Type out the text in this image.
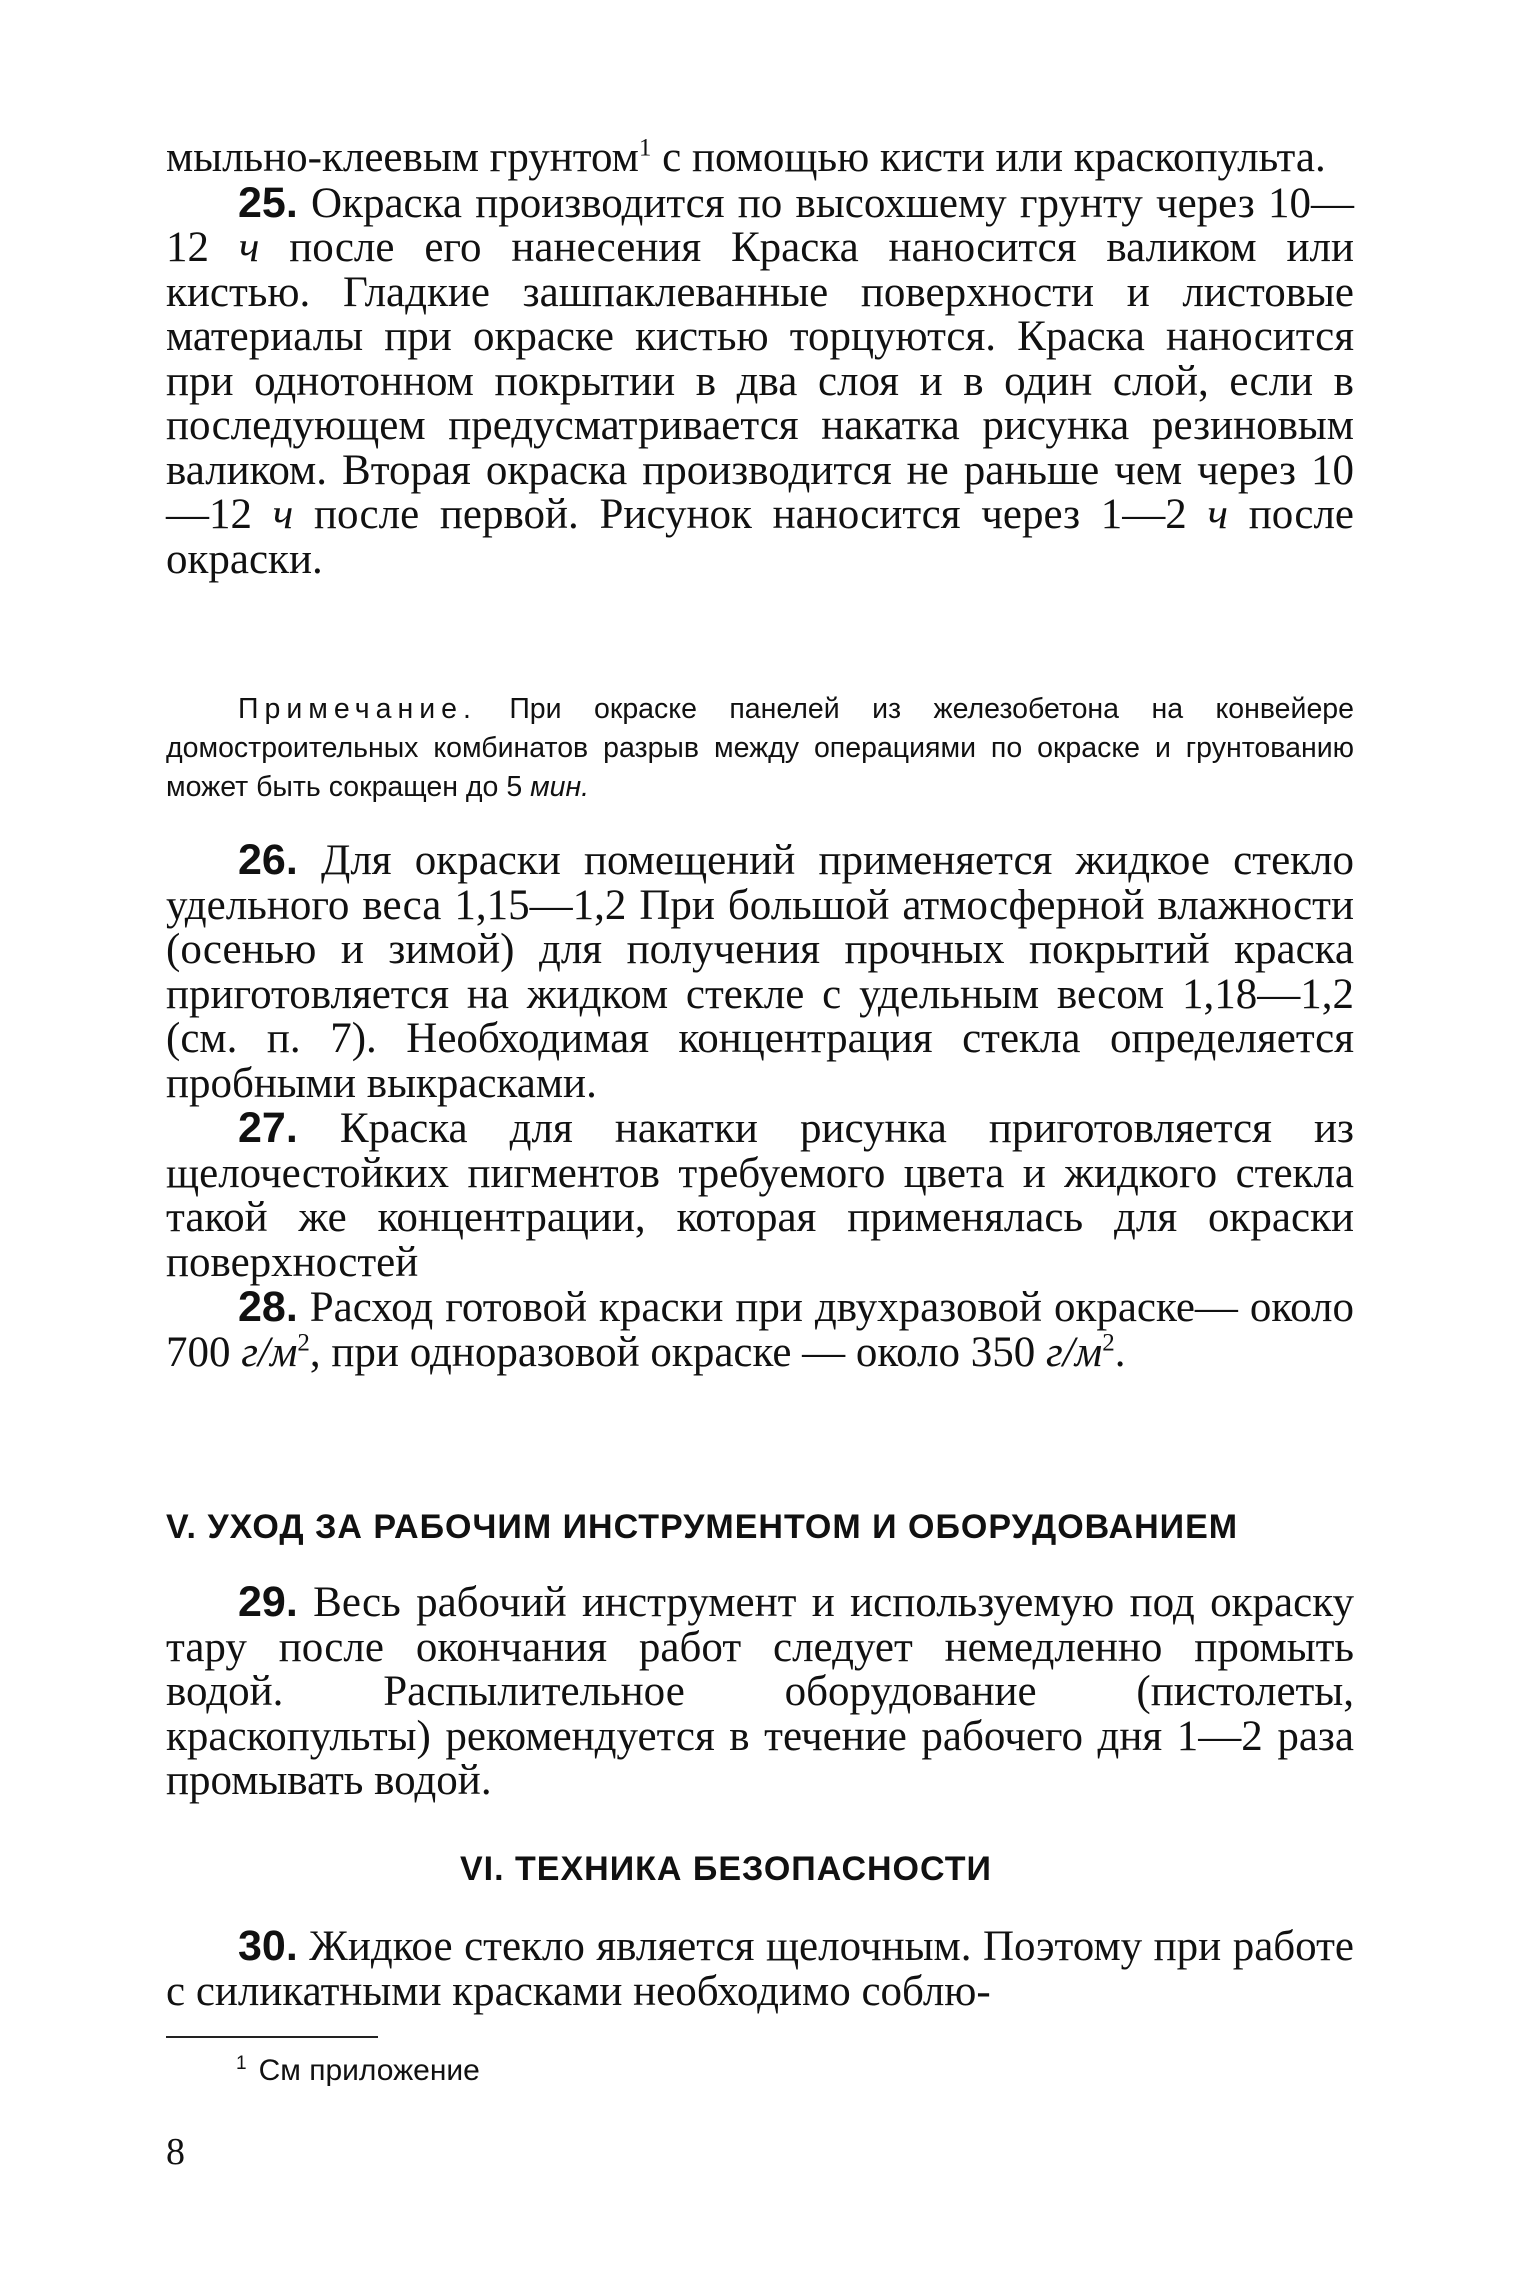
мыльно-клеевым грунтом$^1$ с помощью кисти или краскопульта.

25. Окраска производится по высохшему грунту через 10—12 ч после его нанесения Краска наносится валиком или кистью. Гладкие зашпаклеванные поверхности и листовые материалы при окраске кистью торцуются. Краска наносится при однотонном покрытии в два слоя и в один слой, если в последующем предусматривается накатка рисунка резиновым валиком. Вторая окраска производится не раньше чем через 10—12 ч после первой. Рисунок наносится через 1—2 ч после окраски.

Примечание. При окраске панелей из железобетона на конвейере домостроительных комбинатов разрыв между операциями по окраске и грунтованию может быть сокращен до 5 мин.

26. Для окраски помещений применяется жидкое стекло удельного веса 1,15—1,2 При большой атмосферной влажности (осенью и зимой) для получения прочных покрытий краска приготовляется на жидком стекле с удельным весом 1,18—1,2 (см. п. 7). Необходимая концентрация стекла определяется пробными выкрасками.

27. Краска для накатки рисунка приготовляется из щелочестойких пигментов требуемого цвета и жидкого стекла такой же концентрации, которая применялась для окраски поверхностей

28. Расход готовой краски при двухразовой окраске— около 700 $г/м^2$, при одноразовой окраске — около 350 $г/м^2$.

V. УХОД ЗА РАБОЧИМ ИНСТРУМЕНТОМ И ОБОРУДОВАНИЕМ

29. Весь рабочий инструмент и используемую под окраску тару после окончания работ следует немедленно промыть водой. Распылительное оборудование (пистолеты, краскопульты) рекомендуется в течение рабочего дня 1—2 раза промывать водой.

VI. ТЕХНИКА БЕЗОПАСНОСТИ

30. Жидкое стекло является щелочным. Поэтому при работе с силикатными красками необходимо соблю-

$^1$ См приложение

8
